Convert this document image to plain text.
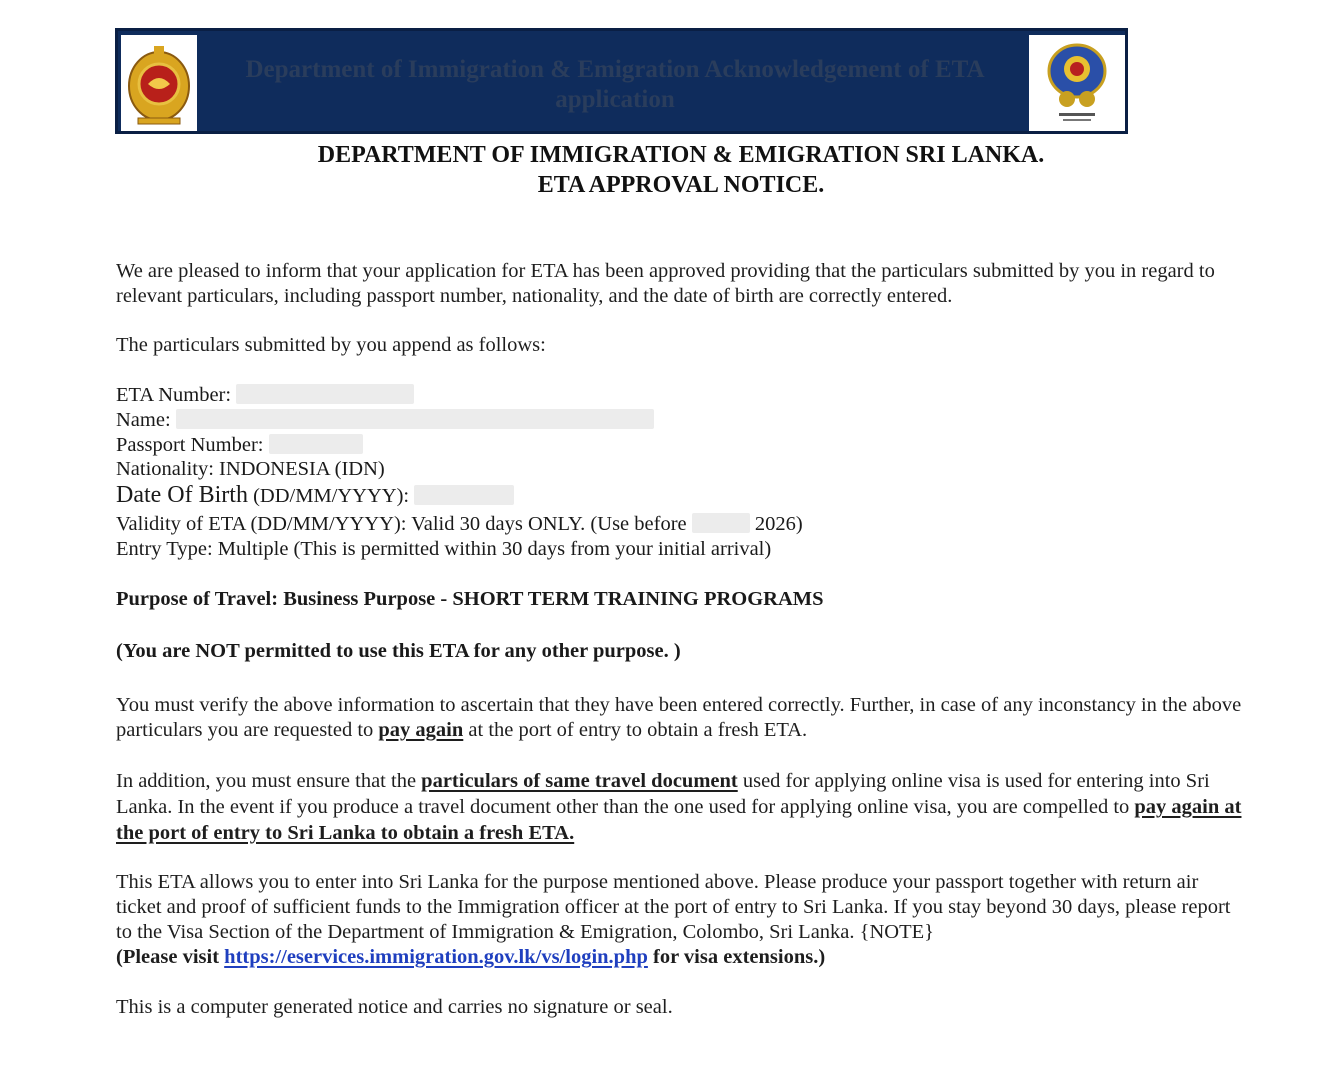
Department of Immigration & Emigration Acknowledgement of ETA application
DEPARTMENT OF IMMIGRATION & EMIGRATION SRI LANKA.
ETA APPROVAL NOTICE.

We are pleased to inform that your application for ETA has been approved providing that the particulars submitted by you in regard to relevant particulars, including passport number, nationality, and the date of birth are correctly entered.

The particulars submitted by you append as follows:

ETA Number:
Name:
Passport Number:
Nationality: INDONESIA (IDN)
Date Of Birth (DD/MM/YYYY):
Validity of ETA (DD/MM/YYYY): Valid 30 days ONLY. (Use before	2026)
Entry Type: Multiple (This is permitted within 30 days from your initial arrival)
Purpose of Travel: Business Purpose - SHORT TERM TRAINING PROGRAMS
(You are NOT permitted to use this ETA for any other purpose. )

You must verify the above information to ascertain that they have been entered correctly. Further, in case of any inconstancy in the above particulars you are requested to pay again at the port of entry to obtain a fresh ETA.

In addition, you must ensure that the particulars of same travel document used for applying online visa is used for entering into Sri Lanka. In the event if you produce a travel document other than the one used for applying online visa, you are compelled to pay again at the port of entry to Sri Lanka to obtain a fresh ETA.

This ETA allows you to enter into Sri Lanka for the purpose mentioned above. Please produce your passport together with return air ticket and proof of sufficient funds to the Immigration officer at the port of entry to Sri Lanka. If you stay beyond 30 days, please report to the Visa Section of the Department of Immigration & Emigration, Colombo, Sri Lanka. {NOTE}
(Please visit https://eservices.immigration.gov.lk/vs/login.php for visa extensions.)

This is a computer generated notice and carries no signature or seal.
